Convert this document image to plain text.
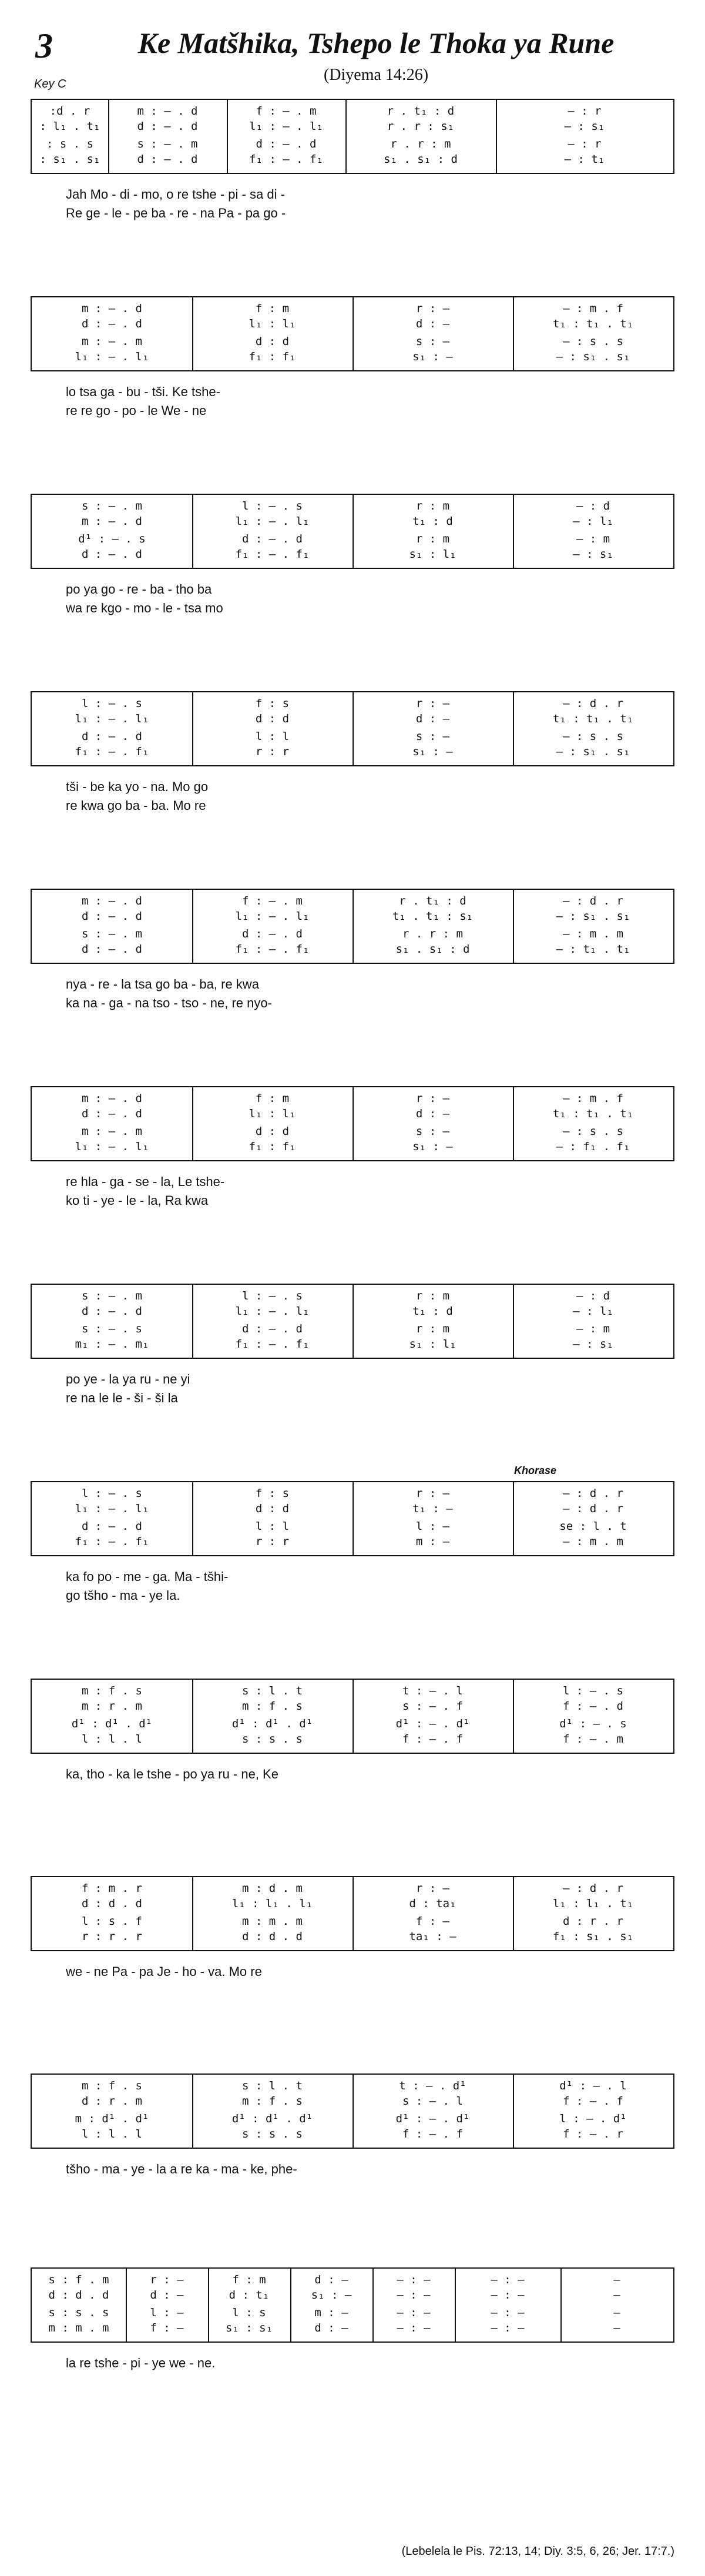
3	Ke Matšhika, Tshepo le Thoka ya Rune
(Diyema 14:26)
Key C
:d . r	m : – . d	f : – . m	r . t₁ : d	— : r
: l₁ . t₁	d : – . d	l₁ : – . l₁	r . r : s₁	— : s₁
: s . s	s : – . m	d : – . d	r . r : m	— : r
: s₁ . s₁	d : – . d	f₁ : – . f₁	s₁ . s₁ : d	— : t₁
Jah Mo - di - mo, o re tshe - pi - sa di -
Re ge - le - pe ba - re - na Pa - pa go -
m : – . d	f : m	r : —	— : m . f
d : – . d	l₁ : l₁	d : —	t₁ : t₁ . t₁
m : – . m	d : d	s : —	— : s . s
l₁ : – . l₁	f₁ : f₁	s₁ : —	— : s₁ . s₁
lo tsa ga - bu - tši. Ke tshe-
re re go - po - le We - ne
s : – . m	l : – . s	r : m	— : d
m : – . d	l₁ : – . l₁	t₁ : d	— : l₁
d¹ : – . s	d : – . d	r : m	— : m
d : – . d	f₁ : – . f₁	s₁ : l₁	— : s₁
po ya go - re - ba - tho ba
wa re kgo - mo - le - tsa mo
l : – . s	f : s	r : —	— : d . r
l₁ : – . l₁	d : d	d : —	t₁ : t₁ . t₁
d : – . d	l : l	s : —	— : s . s
f₁ : – . f₁	r : r	s₁ : —	— : s₁ . s₁
tši - be ka yo - na. Mo go
re kwa go ba - ba. Mo re
m : – . d	f : – . m	r . t₁ : d	— : d . r
d : – . d	l₁ : – . l₁	t₁ . t₁ : s₁	— : s₁ . s₁
s : – . m	d : – . d	r . r : m	— : m . m
d : – . d	f₁ : – . f₁	s₁ . s₁ : d	— : t₁ . t₁
nya - re - la tsa go ba - ba, re kwa
ka na - ga - na tso - tso - ne, re nyo-
m : – . d	f : m	r : —	— : m . f
d : – . d	l₁ : l₁	d : —	t₁ : t₁ . t₁
m : – . m	d : d	s : —	— : s . s
l₁ : – . l₁	f₁ : f₁	s₁ : —	— : f₁ . f₁
re hla - ga - se - la, Le tshe-
ko ti - ye - le - la, Ra kwa
s : – . m	l : – . s	r : m	— : d
d : – . d	l₁ : – . l₁	t₁ : d	— : l₁
s : – . s	d : – . d	r : m	— : m
m₁ : – . m₁	f₁ : – . f₁	s₁ : l₁	— : s₁
po ye - la ya ru - ne yi
re na le le - ši - ši la
l : – . s	f : s	r : —	— : d . r
l₁ : – . l₁	d : d	t₁ : —	— : d . r
d : – . d	l : l	l : —	se : l . t
f₁ : – . f₁	r : r	m : —	— : m . m
Khorase
ka fo po - me - ga. Ma - tšhi-
go tšho - ma - ye la.
m : f . s	s : l . t	t : – . l	l : – . s
m : r . m	m : f . s	s : – . f	f : – . d
d¹ : d¹ . d¹	d¹ : d¹ . d¹	d¹ : – . d¹	d¹ : – . s
l : l . l	s : s . s	f : – . f	f : – . m
ka, tho - ka le tshe - po ya ru - ne, Ke
f : m . r	m : d . m	r : —	— : d . r
d : d . d	l₁ : l₁ . l₁	d : ta₁	l₁ : l₁ . t₁
l : s . f	m : m . m	f : —	d : r . r
r : r . r	d : d . d	ta₁ : —	f₁ : s₁ . s₁
we - ne Pa - pa Je - ho - va. Mo re
m : f . s	s : l . t	t : – . d¹	d¹ : – . l
d : r . m	m : f . s	s : – . l	f : – . f
m : d¹ . d¹	d¹ : d¹ . d¹	d¹ : – . d¹	l : – . d¹
l : l . l	s : s . s	f : – . f	f : – . r
tšho - ma - ye - la a re ka - ma - ke, phe-
s : f . m	r : —	f : m	d : —	— : —	— : —	—
d : d . d	d : —	d : t₁	s₁ : —	— : —	— : —	—
s : s . s	l : —	l : s	m : —	— : —	— : —	—
m : m . m	f : —	s₁ : s₁	d : —	— : —	— : —	—
la re tshe - pi - ye we - ne.
(Lebelela le Pis. 72:13, 14; Diy. 3:5, 6, 26; Jer. 17:7.)
